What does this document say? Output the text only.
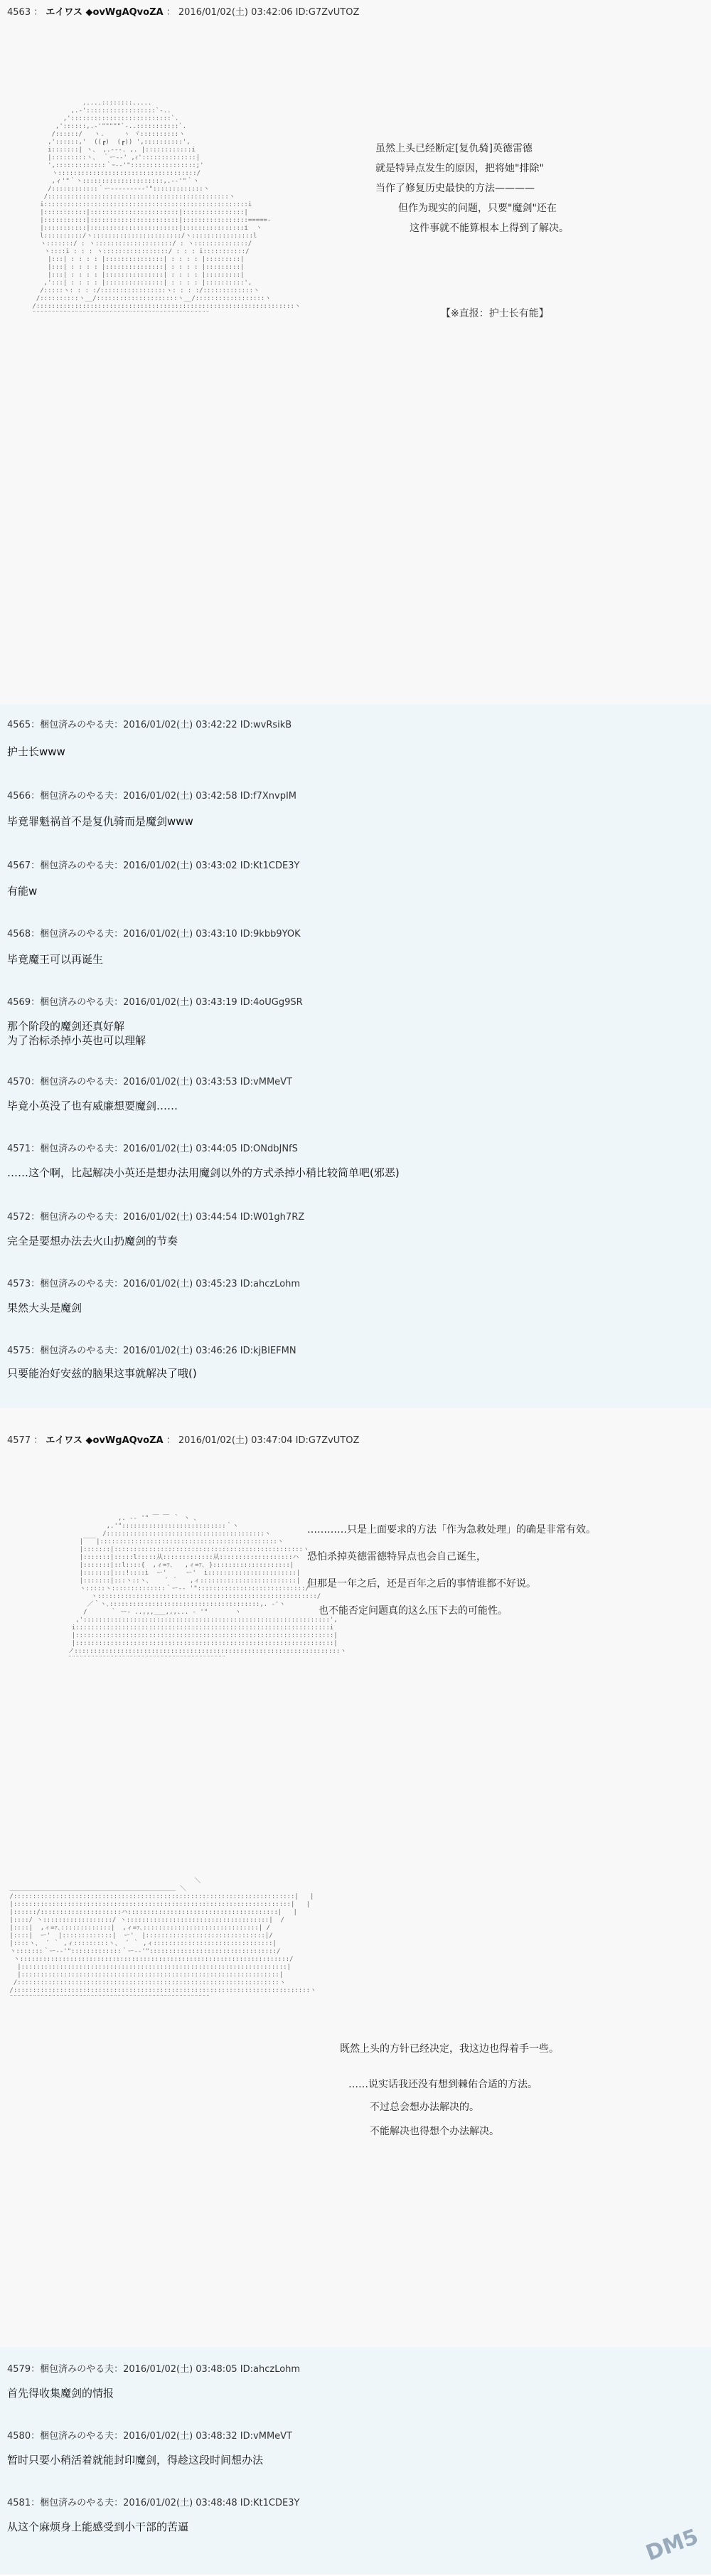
4563 ： エイワス ◆ovWgAQvoZA ： 2016/01/02(土) 03:42:06 ID:G7ZvUTOZ
.....::::::::.....
,.-'::::::::::::::::::`-..
,'::::::::::::::::::::::::::`.
,'::::::,.-'"""""`-..:::::::::::`.
/::::::/   ヽ.     ヽ ヾ::::::::::ヽ
,'::::::,'  ((┏)  (┏)) ',::::::::::',
i:::::::| ヽ、 ,.-‐-. ,. |::::::::::::i
|:::::::::ヽ、 ｀ー-‐' ,ｨ'::::::::::::::|
',:::::::::::::｀ｰ-‐'":::::::::::::::::;'
ヽ::::::::::::::::::::::::::::::::::::/
,ィ'"｀ヽ:::::::::::::::::::::,.-‐'"｀ヽ
/::::::::::::｀ー‐-------‐'":::::::::::::ヽ
/:::::::::::::::::::::::::::::::::::::::::::::::ヽ
i:::::::::::::::::::::::::::::::::::::::::::::::::::::i
|:::::::::::|:::::::::::::::::::::::|::::::::::::::::|
|:::::::::::|:::::::::::::::::::::::|:::::::::::::::::=====-
|:::::::::::|:::::::::::::::::::::::|::::::::::::::::i  ヽ
l::::::::::/ヽ:::::::::::::::::::::::/ヽ::::::::::::::::l
ヽ:::::::/ : ヽ::::::::::::::::::::/ : ヽ::::::::::::::/
ヽ::::i : : : ヽ:::::::::::::::::/ : : : i:::::::::::/
|:::| : : : : |:::::::::::::::| : : : : |:::::::::|
|:::| : : : : |:::::::::::::::| : : : : |:::::::::|
|:::| : : : : |:::::::::::::::| : : : : |:::::::::|
,':::| : : : : |:::::::::::::::| : : : : |::::::::::',
/:::::ヽ: : : :/:::::::::::::::::ヽ: : : :/:::::::::::::ヽ
/::::::::::ヽ__/:::::::::::::::::::::ヽ__/::::::::::::::::::ヽ
/:::::::::::::::::::::::::::::::::::::::::::::::::::::::::::::::::::ヽ
¨¨¨¨¨¨¨¨¨¨¨¨¨¨¨¨¨¨¨¨¨¨¨¨¨¨¨¨¨¨¨¨¨¨¨¨¨¨¨¨¨¨¨¨¨¨
虽然上头已经断定[复仇骑]英德雷德
就是特异点发生的原因，把将她"排除"
当作了修复历史最快的方法————
但作为现实的问题，只要"魔剑"还在
这件事就不能算根本上得到了解决。
【※直报：护士长有能】
4565：梱包済みのやる夫：2016/01/02(土) 03:42:22 ID:wvRsikB
护士长www
4566：梱包済みのやる夫：2016/01/02(土) 03:42:58 ID:f7XnvpIM
毕竟罪魁祸首不是复仇骑而是魔剑www
4567：梱包済みのやる夫：2016/01/02(土) 03:43:02 ID:Kt1CDE3Y
有能w
4568：梱包済みのやる夫：2016/01/02(土) 03:43:10 ID:9kbb9YOK
毕竟魔王可以再诞生
4569：梱包済みのやる夫：2016/01/02(土) 03:43:19 ID:4oUGg9SR
那个阶段的魔剑还真好解
为了治标杀掉小英也可以理解
4570：梱包済みのやる夫：2016/01/02(土) 03:43:53 ID:vMMeVT
毕竟小英没了也有威廉想要魔剑……
4571：梱包済みのやる夫：2016/01/02(土) 03:44:05 ID:ONdbJNfS
……这个啊，比起解决小英还是想办法用魔剑以外的方式杀掉小稍比较简单吧(邪恶)
4572：梱包済みのやる夫：2016/01/02(土) 03:44:54 ID:W01gh7RZ
完全是要想办法去火山扔魔剑的节奏
4573：梱包済みのやる夫：2016/01/02(土) 03:45:23 ID:ahczLohm
果然大头是魔剑
4575：梱包済みのやる夫：2016/01/02(土) 03:46:26 ID:kjBIEFMN
只要能治好安兹的脑果这事就解决了哦()
4577 ： エイワス ◆ovWgAQvoZA ： 2016/01/02(土) 03:47:04 ID:G7ZvUTOZ
,. -‐ '" ￣ ￣ ｀ ヽ 、
,.'":::::::::::::::::::::::::::｀ヽ
/:::::::::::::::::::::::::::::::::::::::::ヽ
|￣￣|::::::::::::::::::::::::::::::::::::::::::::::ヽ
|:::::::|:::::::::::::::::::::::::::::::::::::::::::::::::ヽ
|:::::::|:::::l:::::从:::::::::::::从:::::::::::::::::::ハ
|:::::::|::l::::{  ,ィ=ｧ､   ,ィ=ｧ､ }::::::::::::::::::::|
|:::::::|:::!::::i  ー'     ー'  i:::::::::::::::::::::::|
|:::::::|:::ヽ::ヽ、   ´ ｀   ,ィ:::::::::::::::::::::::::|
ヽ:::::ヽ::::::::::::::｀ー-‐ '"::::::::::::::::::::::::::::/
ヽ:::::::::::::::::::::::::::::::::::::::::::::::::::::::::/
／｀ヽ､:::::::::::::::::::::::::::::::::::::::,. ‐'ヽ
/      ｀ ー- ..,,,___,,,... ‐ '"       ヽ
,'::::::::::::::::::::::::::::::::::::::::::::::::::::::::::::::::',
i::::::::::::::::::::::::::::::::::::::::::::::::::::::::::::::::::i
|:::::::::::::::::::::::::::::::::::::::::::::::::::::::::::::::::::|
|:::::::::::::::::::::::::::::::::::::::::::::::::::::::::::::::::::|
ノ:::::::::::::::::::::::::::::::::::::::::::::::::::::::::::::::::::::ヽ
¨¨¨¨¨¨¨¨¨¨¨¨¨¨¨¨¨¨¨¨¨¨¨¨¨¨¨¨¨¨¨¨¨¨¨¨¨¨¨¨¨
…………只是上面要求的方法「作为急救处理」的确是非常有效。
恐怕杀掉英德雷德特异点也会自己诞生，
但那是一年之后，还是百年之后的事情谁都不好说。
也不能否定问题真的这么压下去的可能性。
＼
＿＿＿＿＿＿＿＿＿＿＿＿＿＿＿＿＿＿＿＿＿＿＿＿＿＿ ＼
/:::::::::::::::::::::::::::::::::::::::::::::::::::::::::::::::::::::::::|   |
|::::::::::::::::::::::::::::::::::::::::::::::::::::::::::::::::::::::::|   |
|::::::/:::::::::::::::::::::ハ:::::::::::::::::::::::::::::::::::::::|   |
|::::/ ヽ::::::::::::::::::/ ヽ:::::::::::::::::::::::::::::::::::::|  /
|::::|  ,ィ=ｧ､:::::::::::::|  ,ィ=ｧ､::::::::::::::::::::::::::::::| /
|::::|  ー'  |:::::::::::::|  ー'  |:::::::::::::::::::::::::::::::|/
|::::ヽ、 ´ ｀ ,ィ:::::::::ヽ、 ´ ｀ ,ィ:::::::::::::::::::::::::::::::|
ヽ:::::::｀ー-‐'":::::::::::::｀ー-‐'":::::::::::::::::::::::::::::::::/
ヽ::::::::::::::::::::::::::::::::::::::::::::::::::::::::::::::::::::::/
|:::::::::::::::::::::::::::::::::::::::::::::::::::::::::::::::::::::|
|:::::::::::::::::::::::::::::::::::::::::::::::::::::::::::::::::::|
/::::::::::::::::::::::::::::::::::::::::::::::::::::::::::::::::::::ヽ
/:::::::::::::::::::::::::::::::::::::::::::::::::::::::::::::::::::::::::::::ヽ
¨¨¨¨¨¨¨¨¨¨¨¨¨¨¨¨¨¨¨¨¨¨¨¨¨¨¨¨¨¨¨¨¨¨¨¨¨¨¨¨¨¨¨¨¨¨¨¨¨¨¨¨
既然上头的方针已经决定，我这边也得着手一些。
……说实话我还没有想到棘佑合适的方法。
不过总会想办法解决的。
不能解决也得想个办法解决。
4579：梱包済みのやる夫：2016/01/02(土) 03:48:05 ID:ahczLohm
首先得收集魔剑的情报
4580：梱包済みのやる夫：2016/01/02(土) 03:48:32 ID:vMMeVT
暂时只要小稍活着就能封印魔剑，得趁这段时间想办法
4581：梱包済みのやる夫：2016/01/02(土) 03:48:48 ID:Kt1CDE3Y
从这个麻烦身上能感受到小干部的苦逼	DM5
